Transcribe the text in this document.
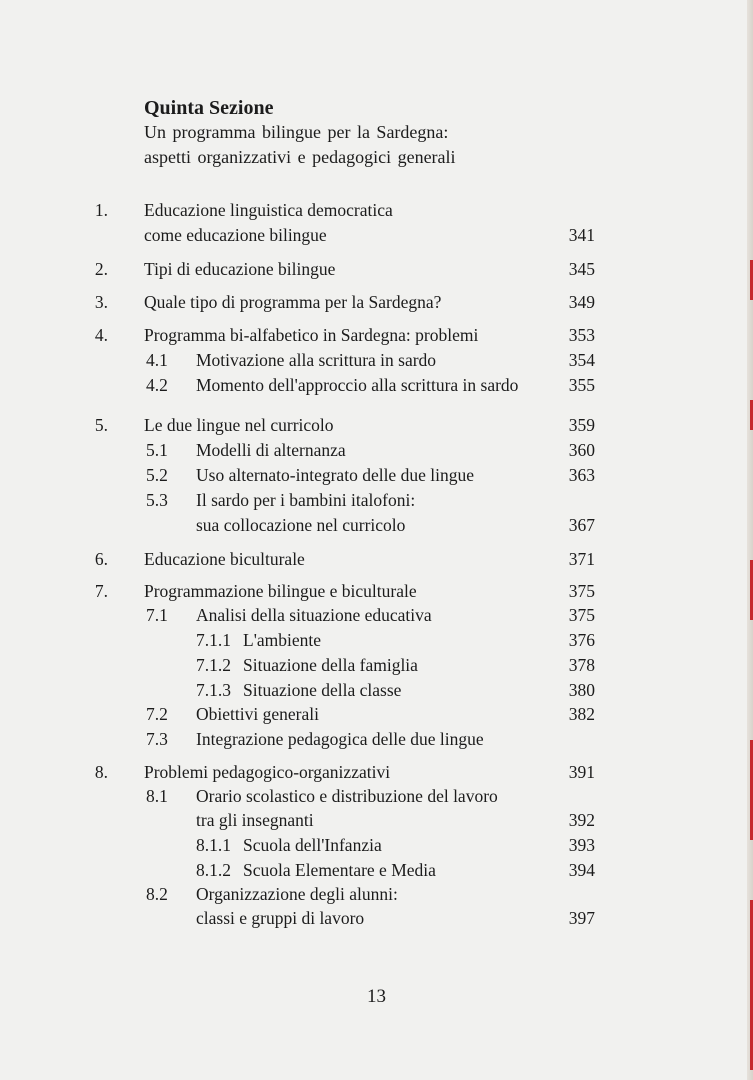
Quinta Sezione
Un programma bilingue per la Sardegna:
aspetti organizzativi e pedagogici generali
1. Educazione linguistica democratica
come educazione bilingue	341
2. Tipi di educazione bilingue	345
3. Quale tipo di programma per la Sardegna?	349
4. Programma bi-alfabetico in Sardegna: problemi	353
4.1	Motivazione alla scrittura in sardo	354
4.2	Momento dell'approccio alla scrittura in sardo	355
5. Le due lingue nel curricolo	359
5.1	Modelli di alternanza	360
5.2	Uso alternato-integrato delle due lingue	363
5.3	Il sardo per i bambini italofoni:
sua collocazione nel curricolo	367
6. Educazione biculturale	371
7. Programmazione bilingue e biculturale	375
7.1	Analisi della situazione educativa	375
7.1.1 L'ambiente	376
7.1.2 Situazione della famiglia	378
7.1.3 Situazione della classe	380
7.2	Obiettivi generali	382
7.3	Integrazione pedagogica delle due lingue
8. Problemi pedagogico-organizzativi	391
8.1	Orario scolastico e distribuzione del lavoro
tra gli insegnanti	392
8.1.1 Scuola dell'Infanzia	393
8.1.2 Scuola Elementare e Media	394
8.2	Organizzazione degli alunni:
classi e gruppi di lavoro	397
13
